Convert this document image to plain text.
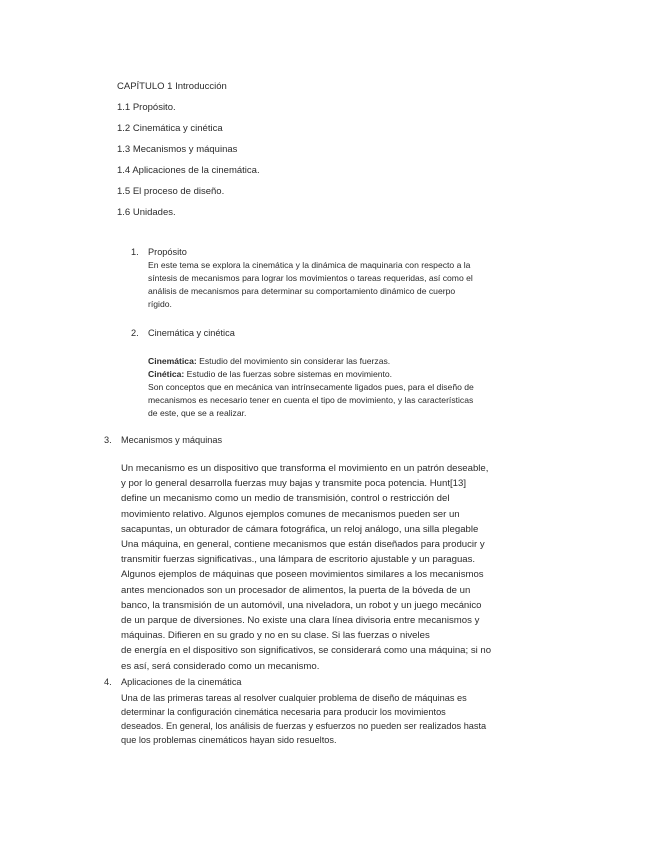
CAPÍTULO 1 Introducción
1.1 Propósito.
1.2 Cinemática y cinética
1.3 Mecanismos y máquinas
1.4 Aplicaciones de la cinemática.
1.5 El proceso de diseño.
1.6 Unidades.
1. Propósito
En este tema se explora la cinemática y la dinámica de maquinaria con respecto a la
síntesis de mecanismos para lograr los movimientos o tareas requeridas, así como el
análisis de mecanismos para determinar su comportamiento dinámico de cuerpo
rígido.
2. Cinemática y cinética
Cinemática: Estudio del movimiento sin considerar las fuerzas.
Cinética: Estudio de las fuerzas sobre sistemas en movimiento.
Son conceptos que en mecánica van intrínsecamente ligados pues, para el diseño de
mecanismos es necesario tener en cuenta el tipo de movimiento, y las características
de este, que se a realizar.
3. Mecanismos y máquinas
Un mecanismo es un dispositivo que transforma el movimiento en un patrón deseable,
y por lo general desarrolla fuerzas muy bajas y transmite poca potencia. Hunt[13]
define un mecanismo como un medio de transmisión, control o restricción del
movimiento relativo. Algunos ejemplos comunes de mecanismos pueden ser un
sacapuntas, un obturador de cámara fotográfica, un reloj análogo, una silla plegable
Una máquina, en general, contiene mecanismos que están diseñados para producir y
transmitir fuerzas significativas., una lámpara de escritorio ajustable y un paraguas.
Algunos ejemplos de máquinas que poseen movimientos similares a los mecanismos
antes mencionados son un procesador de alimentos, la puerta de la bóveda de un
banco, la transmisión de un automóvil, una niveladora, un robot y un juego mecánico
de un parque de diversiones. No existe una clara línea divisoria entre mecanismos y
máquinas. Difieren en su grado y no en su clase. Si las fuerzas o niveles
de energía en el dispositivo son significativos, se considerará como una máquina; si no
es así, será considerado como un mecanismo.
4. Aplicaciones de la cinemática
Una de las primeras tareas al resolver cualquier problema de diseño de máquinas es
determinar la configuración cinemática necesaria para producir los movimientos
deseados. En general, los análisis de fuerzas y esfuerzos no pueden ser realizados hasta
que los problemas cinemáticos hayan sido resueltos.
